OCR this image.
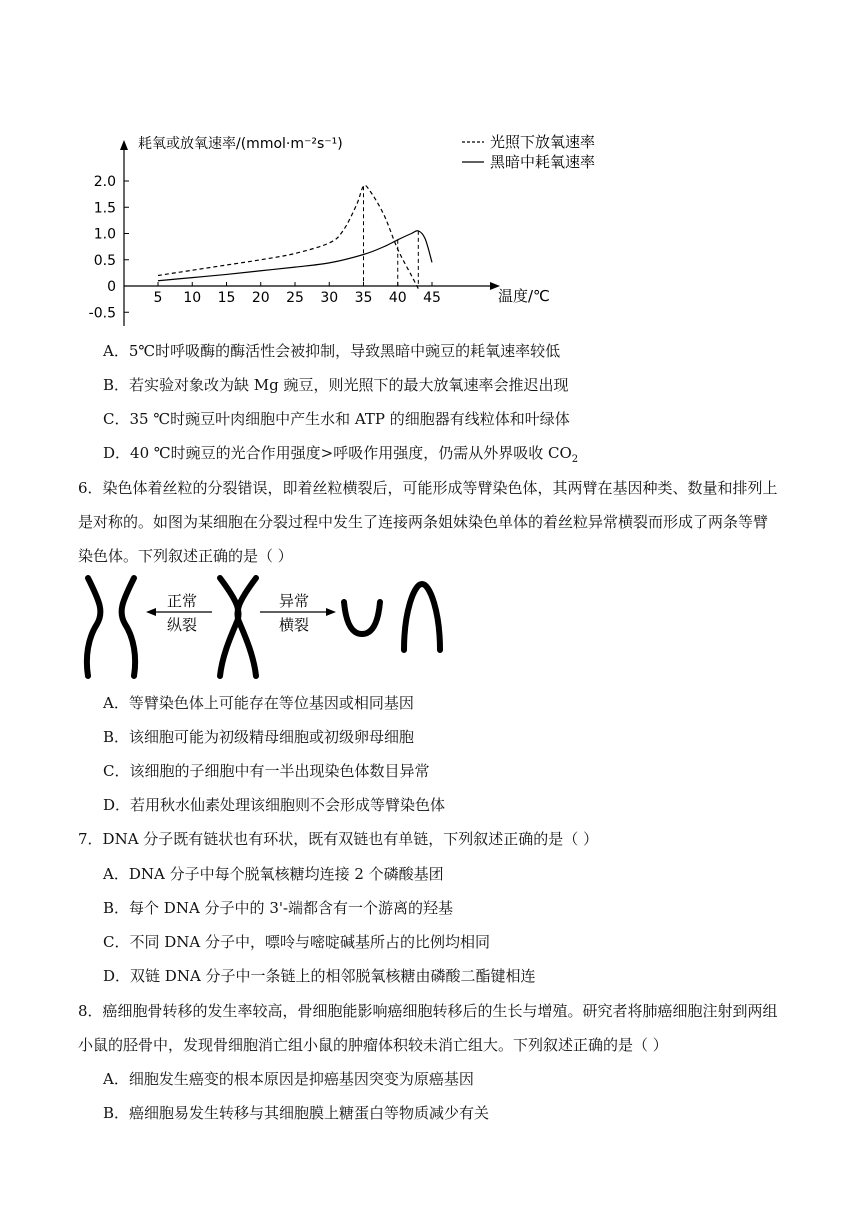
2.0
1.5
1.0
0.5
0
-0.5
5 10 15 20 25 30 35 40 45
耗氧或放氧速率/(mmol·m⁻²s⁻¹)
温度/℃
光照下放氧速率
黑暗中耗氧速率
A．5℃时呼吸酶的酶活性会被抑制，导致黑暗中豌豆的耗氧速率较低
B．若实验对象改为缺 Mg 豌豆，则光照下的最大放氧速率会推迟出现
C．35 ℃时豌豆叶肉细胞中产生水和 ATP 的细胞器有线粒体和叶绿体
D．40 ℃时豌豆的光合作用强度>呼吸作用强度，仍需从外界吸收 $CO_2$
6．染色体着丝粒的分裂错误，即着丝粒横裂后，可能形成等臂染色体，其两臂在基因种类、数量和排列上
是对称的。如图为某细胞在分裂过程中发生了连接两条姐妹染色单体的着丝粒异常横裂而形成了两条等臂
染色体。下列叙述正确的是（ ）
正常
纵裂
异常
横裂
A．等臂染色体上可能存在等位基因或相同基因
B．该细胞可能为初级精母细胞或初级卵母细胞
C．该细胞的子细胞中有一半出现染色体数目异常
D．若用秋水仙素处理该细胞则不会形成等臂染色体
7．DNA 分子既有链状也有环状，既有双链也有单链，下列叙述正确的是（ ）
A．DNA 分子中每个脱氧核糖均连接 2 个磷酸基团
B．每个 DNA 分子中的 3'-端都含有一个游离的羟基
C．不同 DNA 分子中，嘌呤与嘧啶碱基所占的比例均相同
D．双链 DNA 分子中一条链上的相邻脱氧核糖由磷酸二酯键相连
8．癌细胞骨转移的发生率较高，骨细胞能影响癌细胞转移后的生长与增殖。研究者将肺癌细胞注射到两组
小鼠的胫骨中，发现骨细胞消亡组小鼠的肿瘤体积较未消亡组大。下列叙述正确的是（ ）
A．细胞发生癌变的根本原因是抑癌基因突变为原癌基因
B．癌细胞易发生转移与其细胞膜上糖蛋白等物质减少有关
